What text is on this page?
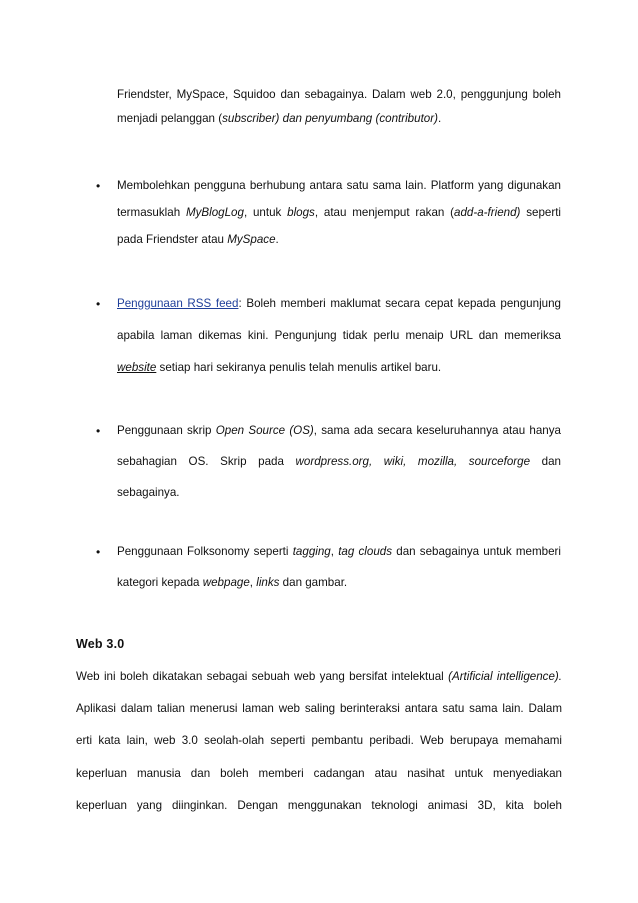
Friendster, MySpace, Squidoo dan sebagainya. Dalam web 2.0, penggunjung boleh
menjadi pelanggan (subscriber) dan penyumbang (contributor).
• Membolehkan pengguna berhubung antara satu sama lain. Platform yang digunakan
termasuklah MyBlogLog, untuk blogs, atau menjemput rakan (add-a-friend) seperti
pada Friendster atau MySpace.
• Penggunaan RSS feed: Boleh memberi maklumat secara cepat kepada pengunjung
apabila laman dikemas kini. Pengunjung tidak perlu menaip URL dan memeriksa
website setiap hari sekiranya penulis telah menulis artikel baru.
• Penggunaan skrip Open Source (OS), sama ada secara keseluruhannya atau hanya
sebahagian OS. Skrip pada wordpress.org, wiki, mozilla, sourceforge dan
sebagainya.
• Penggunaan Folksonomy seperti tagging, tag clouds dan sebagainya untuk memberi
kategori kepada webpage, links dan gambar.
Web 3.0
Web ini boleh dikatakan sebagai sebuah web yang bersifat intelektual (Artificial intelligence).
Aplikasi dalam talian menerusi laman web saling berinteraksi antara satu sama lain. Dalam
erti kata lain, web 3.0 seolah-olah seperti pembantu peribadi. Web berupaya memahami
keperluan manusia dan boleh memberi cadangan atau nasihat untuk menyediakan
keperluan yang diinginkan. Dengan menggunakan teknologi animasi 3D, kita boleh
